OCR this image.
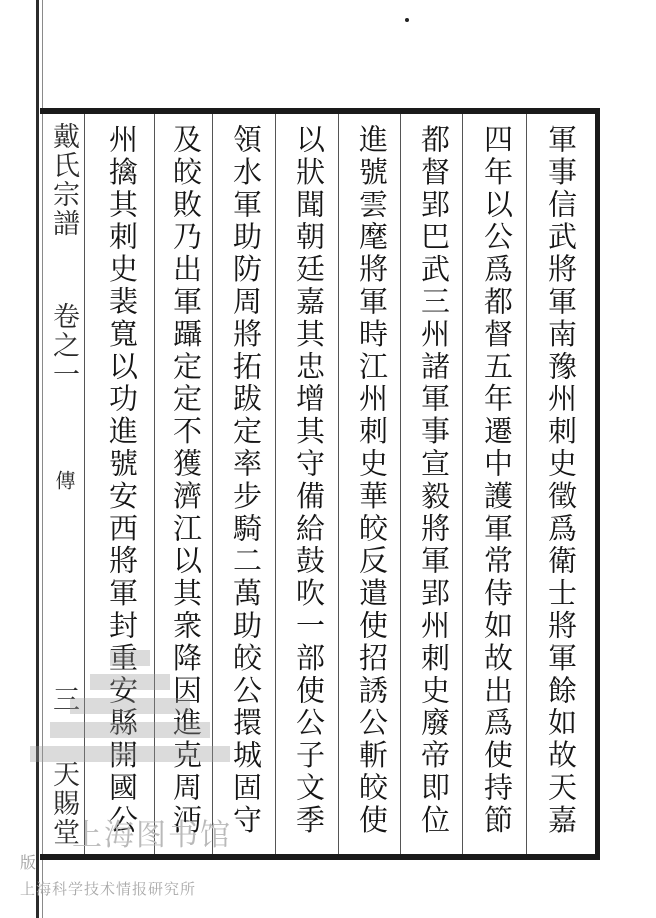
戴氏宗譜
卷之一
傳
三
天賜堂	軍事信武將軍南豫州刺史徵爲衛士將軍餘如故天嘉
四年以公爲都督五年遷中護軍常侍如故出爲使持節
都督郢巴武三州諸軍事宣毅將軍郢州刺史廢帝即位
進號雲麾將軍時江州刺史華皎反遣使招誘公斬皎使
以狀聞朝廷嘉其忠增其守備給鼓吹一部使公子文季
領水軍助防周將拓跋定率步騎二萬助皎公擐城固守
及皎敗乃出軍躡定定不獲濟江以其衆降因進克周沔
州擒其刺史裴寬以功進號安西將軍封重安縣開國公
上海图书馆
版
上海科学技术情报研究所
